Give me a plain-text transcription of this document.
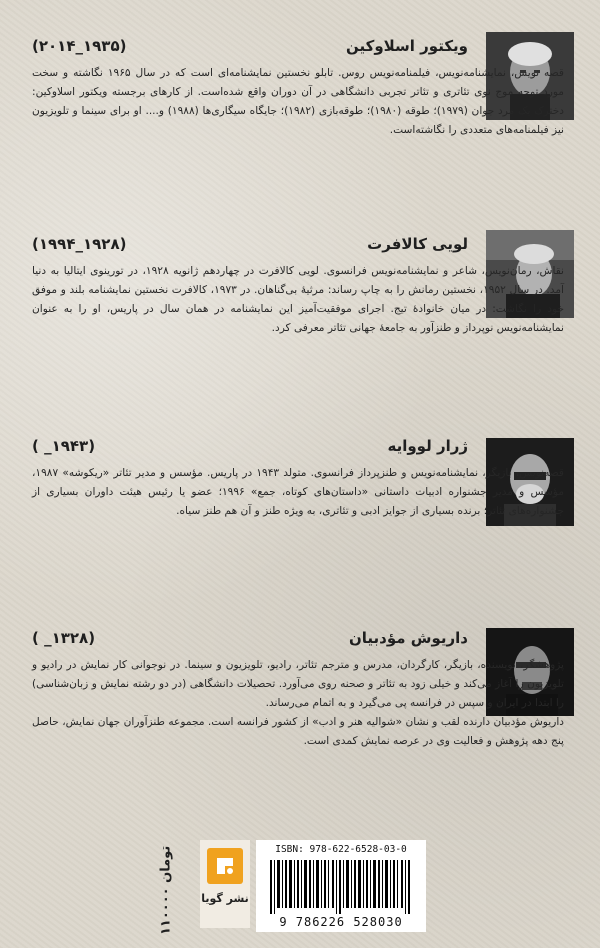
ویکتور اسلاوکین
(۱۹۳۵_۲۰۱۴)

قصه نویس، نمایشنامه‌نویس، فیلمنامه‌نویس روس. تابلو نخستین نمایشنامه‌ای است که در سال ۱۹۶۵ نگاشته و سخت مورد توجه موج نوی تئاتری و تئاتر تجربی دانشگاهی در آن دوران واقع شده‌است. از کارهای برجسته ویکتور اسلاوکین: دخترک یک مرد جوان (۱۹۷۹)؛ طوقه (۱۹۸۰)؛ طوقه‌بازی (۱۹۸۲)؛ جایگاه سیگاری‌ها (۱۹۸۸) و.... او برای سینما و تلویزیون نیز فیلمنامه‌های متعددی را نگاشته‌است.

لویی کالافرت
(۱۹۲۸_۱۹۹۴)

نقاش، رمان‌نویس، شاعر و نمایشنامه‌نویس فرانسوی. لویی کالافرت در چهاردهم ژانویه ۱۹۲۸، در تورینوی ایتالیا به دنیا آمد. در سال ۱۹۵۲، نخستین رمانش را به چاپ رساند: مرثیهٔ بی‌گناهان. در ۱۹۷۳، کالافرت نخستین نمایشنامه بلند و موفق خود را نگاشت: در میان خانوادهٔ تیج. اجرای موفقیت‌آمیز این نمایشنامه در همان سال در پاریس، او را به عنوان نمایشنامه‌نویس نوپرداز و طنزآور به جامعهٔ جهانی تئاتر معرفی کرد.

ژرار لووایه
(۱۹۴۳_ )

قصه‌نویس، بازیگر، نمایشنامه‌نویس و طنزپرداز فرانسوی. متولد ۱۹۴۳ در پاریس. مؤسس و مدیر تئاتر «ریکوشه» ۱۹۸۷، مؤسس و مدیر جشنواره ادبیات داستانی «داستان‌های کوتاه، جمع» ۱۹۹۶؛ عضو یا رئیس هیئت داوران بسیاری از جشنواره‌های تئاتر؛ برنده بسیاری از جوایز ادبی و تئاتری، به ویژه طنز و آن هم طنز سیاه.

داریوش مؤدبیان
(۱۳۲۸_ )

پژوهشگر، نویسنده، بازیگر، کارگردان، مدرس و مترجم تئاتر، رادیو، تلویزیون و سینما. در نوجوانی کار نمایش در رادیو و تلویزیون را آغاز می‌کند و خیلی زود به تئاتر و صحنه روی می‌آورد. تحصیلات دانشگاهی (در دو رشته نمایش و زبان‌شناسی) را ابتدا در ایران و سپس در فرانسه پی می‌گیرد و به اتمام می‌رساند.

داریوش مؤدبیان دارنده لقب و نشان «شوالیه هنر و ادب» از کشور فرانسه است. مجموعه طنزآوران جهان نمایش، حاصل پنج دهه پژوهش و فعالیت وی در عرصه نمایش کمدی است.

۱۱۰۰۰۰ تومان
نشر گویا
ISBN: 978-622-6528-03-0
9 786226 528030
